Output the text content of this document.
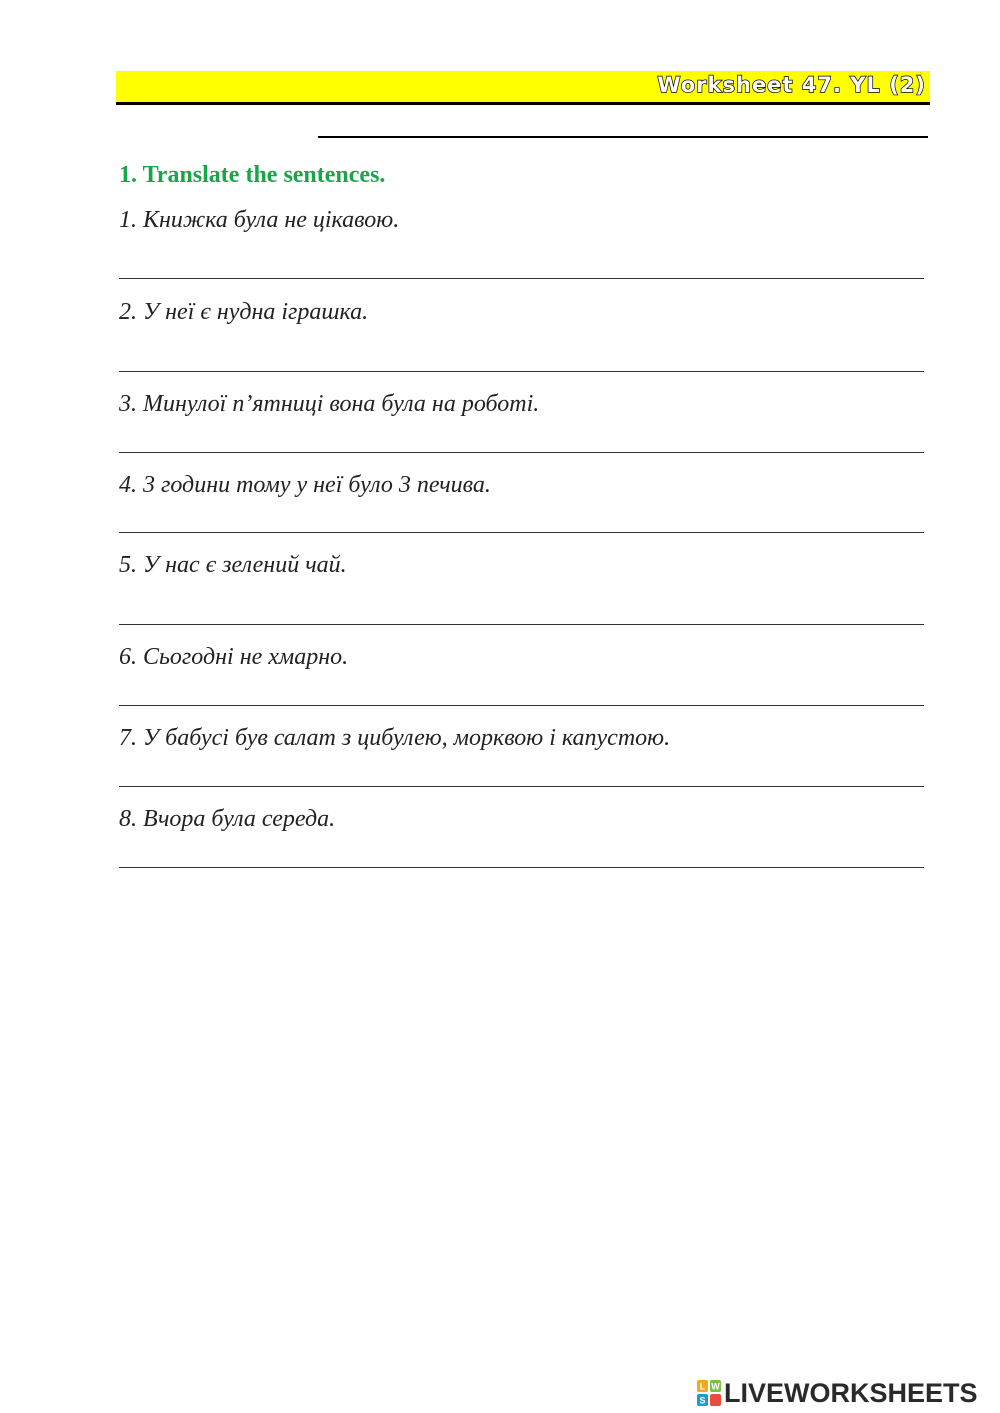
Worksheet 47. YL (2)
1. Translate the sentences.
1. Книжка була не цікавою.
2. У неї є нудна іграшка.
3. Минулої п’ятниці вона була на роботі.
4. 3 години тому у неї було 3 печива.
5. У нас є зелений чай.
6. Сьогодні не хмарно.
7. У бабусі був салат з цибулею, морквою і капустою.
8. Вчора була середа.
L W
S LIVEWORKSHEETS
